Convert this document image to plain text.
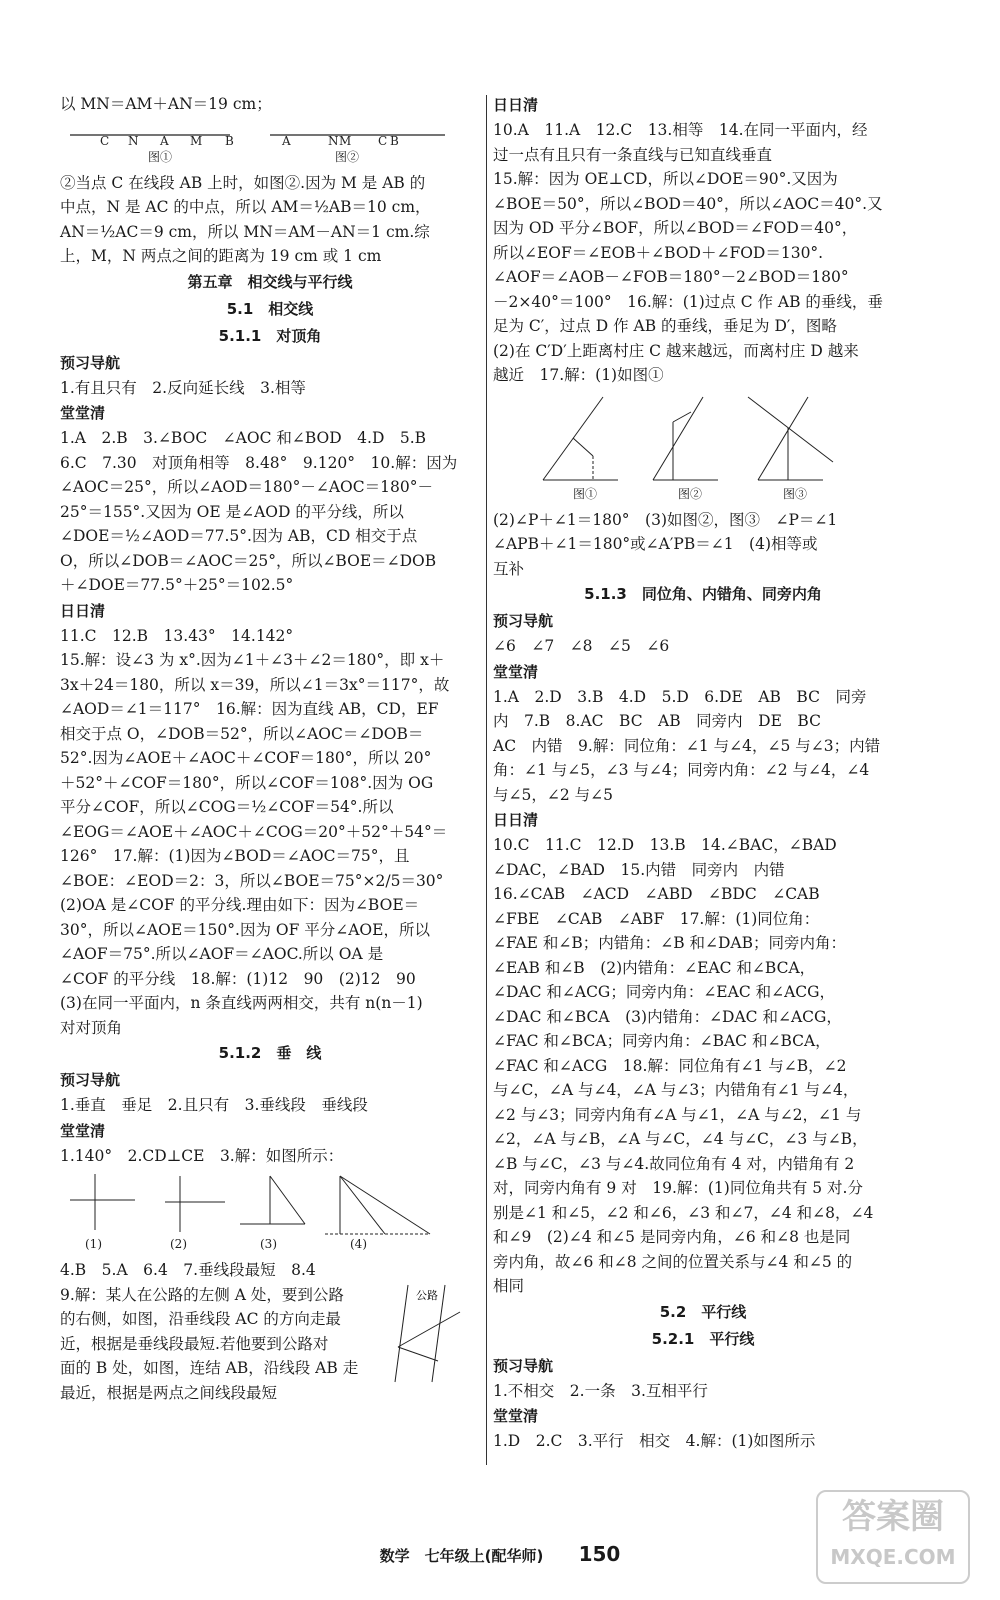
以 MN＝AM＋AN＝19 cm；

C N A M B	A	N M C B
图①	图②

②当点 C 在线段 AB 上时，如图②.因为 M 是 AB 的

中点，N 是 AC 的中点，所以 AM＝½AB＝10 cm，

AN＝½AC＝9 cm，所以 MN＝AM－AN＝1 cm.综

上，M，N 两点之间的距离为 19 cm 或 1 cm

第五章　相交线与平行线

5.1　相交线

5.1.1　对顶角

预习导航

1.有且只有　2.反向延长线　3.相等

堂堂清

1.A　2.B　3.∠BOC　∠AOC 和∠BOD　4.D　5.B

6.C　7.30　对顶角相等　8.48°　9.120°　10.解：因为

∠AOC＝25°，所以∠AOD＝180°－∠AOC＝180°－

25°＝155°.又因为 OE 是∠AOD 的平分线，所以

∠DOE＝½∠AOD＝77.5°.因为 AB，CD 相交于点

O，所以∠DOB＝∠AOC＝25°，所以∠BOE＝∠DOB

＋∠DOE＝77.5°＋25°＝102.5°

日日清

11.C　12.B　13.43°　14.142°

15.解：设∠3 为 x°.因为∠1＋∠3＋∠2＝180°，即 x＋

3x＋24＝180，所以 x＝39，所以∠1＝3x°＝117°，故

∠AOD＝∠1＝117°　16.解：因为直线 AB，CD，EF

相交于点 O，∠DOB＝52°，所以∠AOC＝∠DOB＝

52°.因为∠AOE＋∠AOC＋∠COF＝180°，所以 20°

＋52°＋∠COF＝180°，所以∠COF＝108°.因为 OG

平分∠COF，所以∠COG＝½∠COF＝54°.所以

∠EOG＝∠AOE＋∠AOC＋∠COG＝20°＋52°＋54°＝

126°　17.解：(1)因为∠BOD＝∠AOC＝75°，且

∠BOE：∠EOD＝2：3，所以∠BOE＝75°×2/5＝30°

(2)OA 是∠COF 的平分线.理由如下：因为∠BOE＝

30°，所以∠AOE＝150°.因为 OF 平分∠AOE，所以

∠AOF＝75°.所以∠AOF＝∠AOC.所以 OA 是

∠COF 的平分线　18.解：(1)12　90　(2)12　90

(3)在同一平面内，n 条直线两两相交，共有 n(n－1)

对对顶角

5.1.2　垂　线

预习导航

1.垂直　垂足　2.且只有　3.垂线段　垂线段

堂堂清

1.140°　2.CD⊥CE　3.解：如图所示：

(1)	(2)	(3)	(4)

4.B　5.A　6.4　7.垂线段最短　8.4

9.解：某人在公路的左侧 A 处，要到公路

的右侧，如图，沿垂线段 AC 的方向走最

近，根据是垂线段最短.若他要到公路对

面的 B 处，如图，连结 AB，沿线段 AB 走

最近，根据是两点之间线段最短

公路

日日清

10.A　11.A　12.C　13.相等　14.在同一平面内，经

过一点有且只有一条直线与已知直线垂直

15.解：因为 OE⊥CD，所以∠DOE＝90°.又因为

∠BOE＝50°，所以∠BOD＝40°，所以∠AOC＝40°.又

因为 OD 平分∠BOF，所以∠BOD＝∠FOD＝40°，

所以∠EOF＝∠EOB＋∠BOD＋∠FOD＝130°.

∠AOF＝∠AOB－∠FOB＝180°－2∠BOD＝180°

－2×40°＝100°　16.解：(1)过点 C 作 AB 的垂线，垂

足为 C′，过点 D 作 AB 的垂线，垂足为 D′，图略

(2)在 C′D′上距离村庄 C 越来越远，而离村庄 D 越来

越近　17.解：(1)如图①

图①	图②	图③

(2)∠P＋∠1＝180°　(3)如图②，图③　∠P＝∠1

∠APB＋∠1＝180°或∠A′PB＝∠1　(4)相等或

互补

5.1.3　同位角、内错角、同旁内角

预习导航

∠6　∠7　∠8　∠5　∠6

堂堂清

1.A　2.D　3.B　4.D　5.D　6.DE　AB　BC　同旁

内　7.B　8.AC　BC　AB　同旁内　DE　BC

AC　内错　9.解：同位角：∠1 与∠4，∠5 与∠3；内错

角：∠1 与∠5，∠3 与∠4；同旁内角：∠2 与∠4，∠4

与∠5，∠2 与∠5

日日清

10.C　11.C　12.D　13.B　14.∠BAC，∠BAD

∠DAC，∠BAD　15.内错　同旁内　内错

16.∠CAB　∠ACD　∠ABD　∠BDC　∠CAB

∠FBE　∠CAB　∠ABF　17.解：(1)同位角：

∠FAE 和∠B；内错角：∠B 和∠DAB；同旁内角：

∠EAB 和∠B　(2)内错角：∠EAC 和∠BCA，

∠DAC 和∠ACG；同旁内角：∠EAC 和∠ACG，

∠DAC 和∠BCA　(3)内错角：∠DAC 和∠ACG，

∠FAC 和∠BCA；同旁内角：∠BAC 和∠BCA，

∠FAC 和∠ACG　18.解：同位角有∠1 与∠B，∠2

与∠C，∠A 与∠4，∠A 与∠3；内错角有∠1 与∠4，

∠2 与∠3；同旁内角有∠A 与∠1，∠A 与∠2，∠1 与

∠2，∠A 与∠B，∠A 与∠C，∠4 与∠C，∠3 与∠B，

∠B 与∠C，∠3 与∠4.故同位角有 4 对，内错角有 2

对，同旁内角有 9 对　19.解：(1)同位角共有 5 对.分

别是∠1 和∠5，∠2 和∠6，∠3 和∠7，∠4 和∠8，∠4

和∠9　(2)∠4 和∠5 是同旁内角，∠6 和∠8 也是同

旁内角，故∠6 和∠8 之间的位置关系与∠4 和∠5 的

相同

5.2　平行线

5.2.1　平行线

预习导航

1.不相交　2.一条　3.互相平行

堂堂清

1.D　2.C　3.平行　相交　4.解：(1)如图所示

数学　七年级上(配华师) 150
答案圈
MXQE.COM
